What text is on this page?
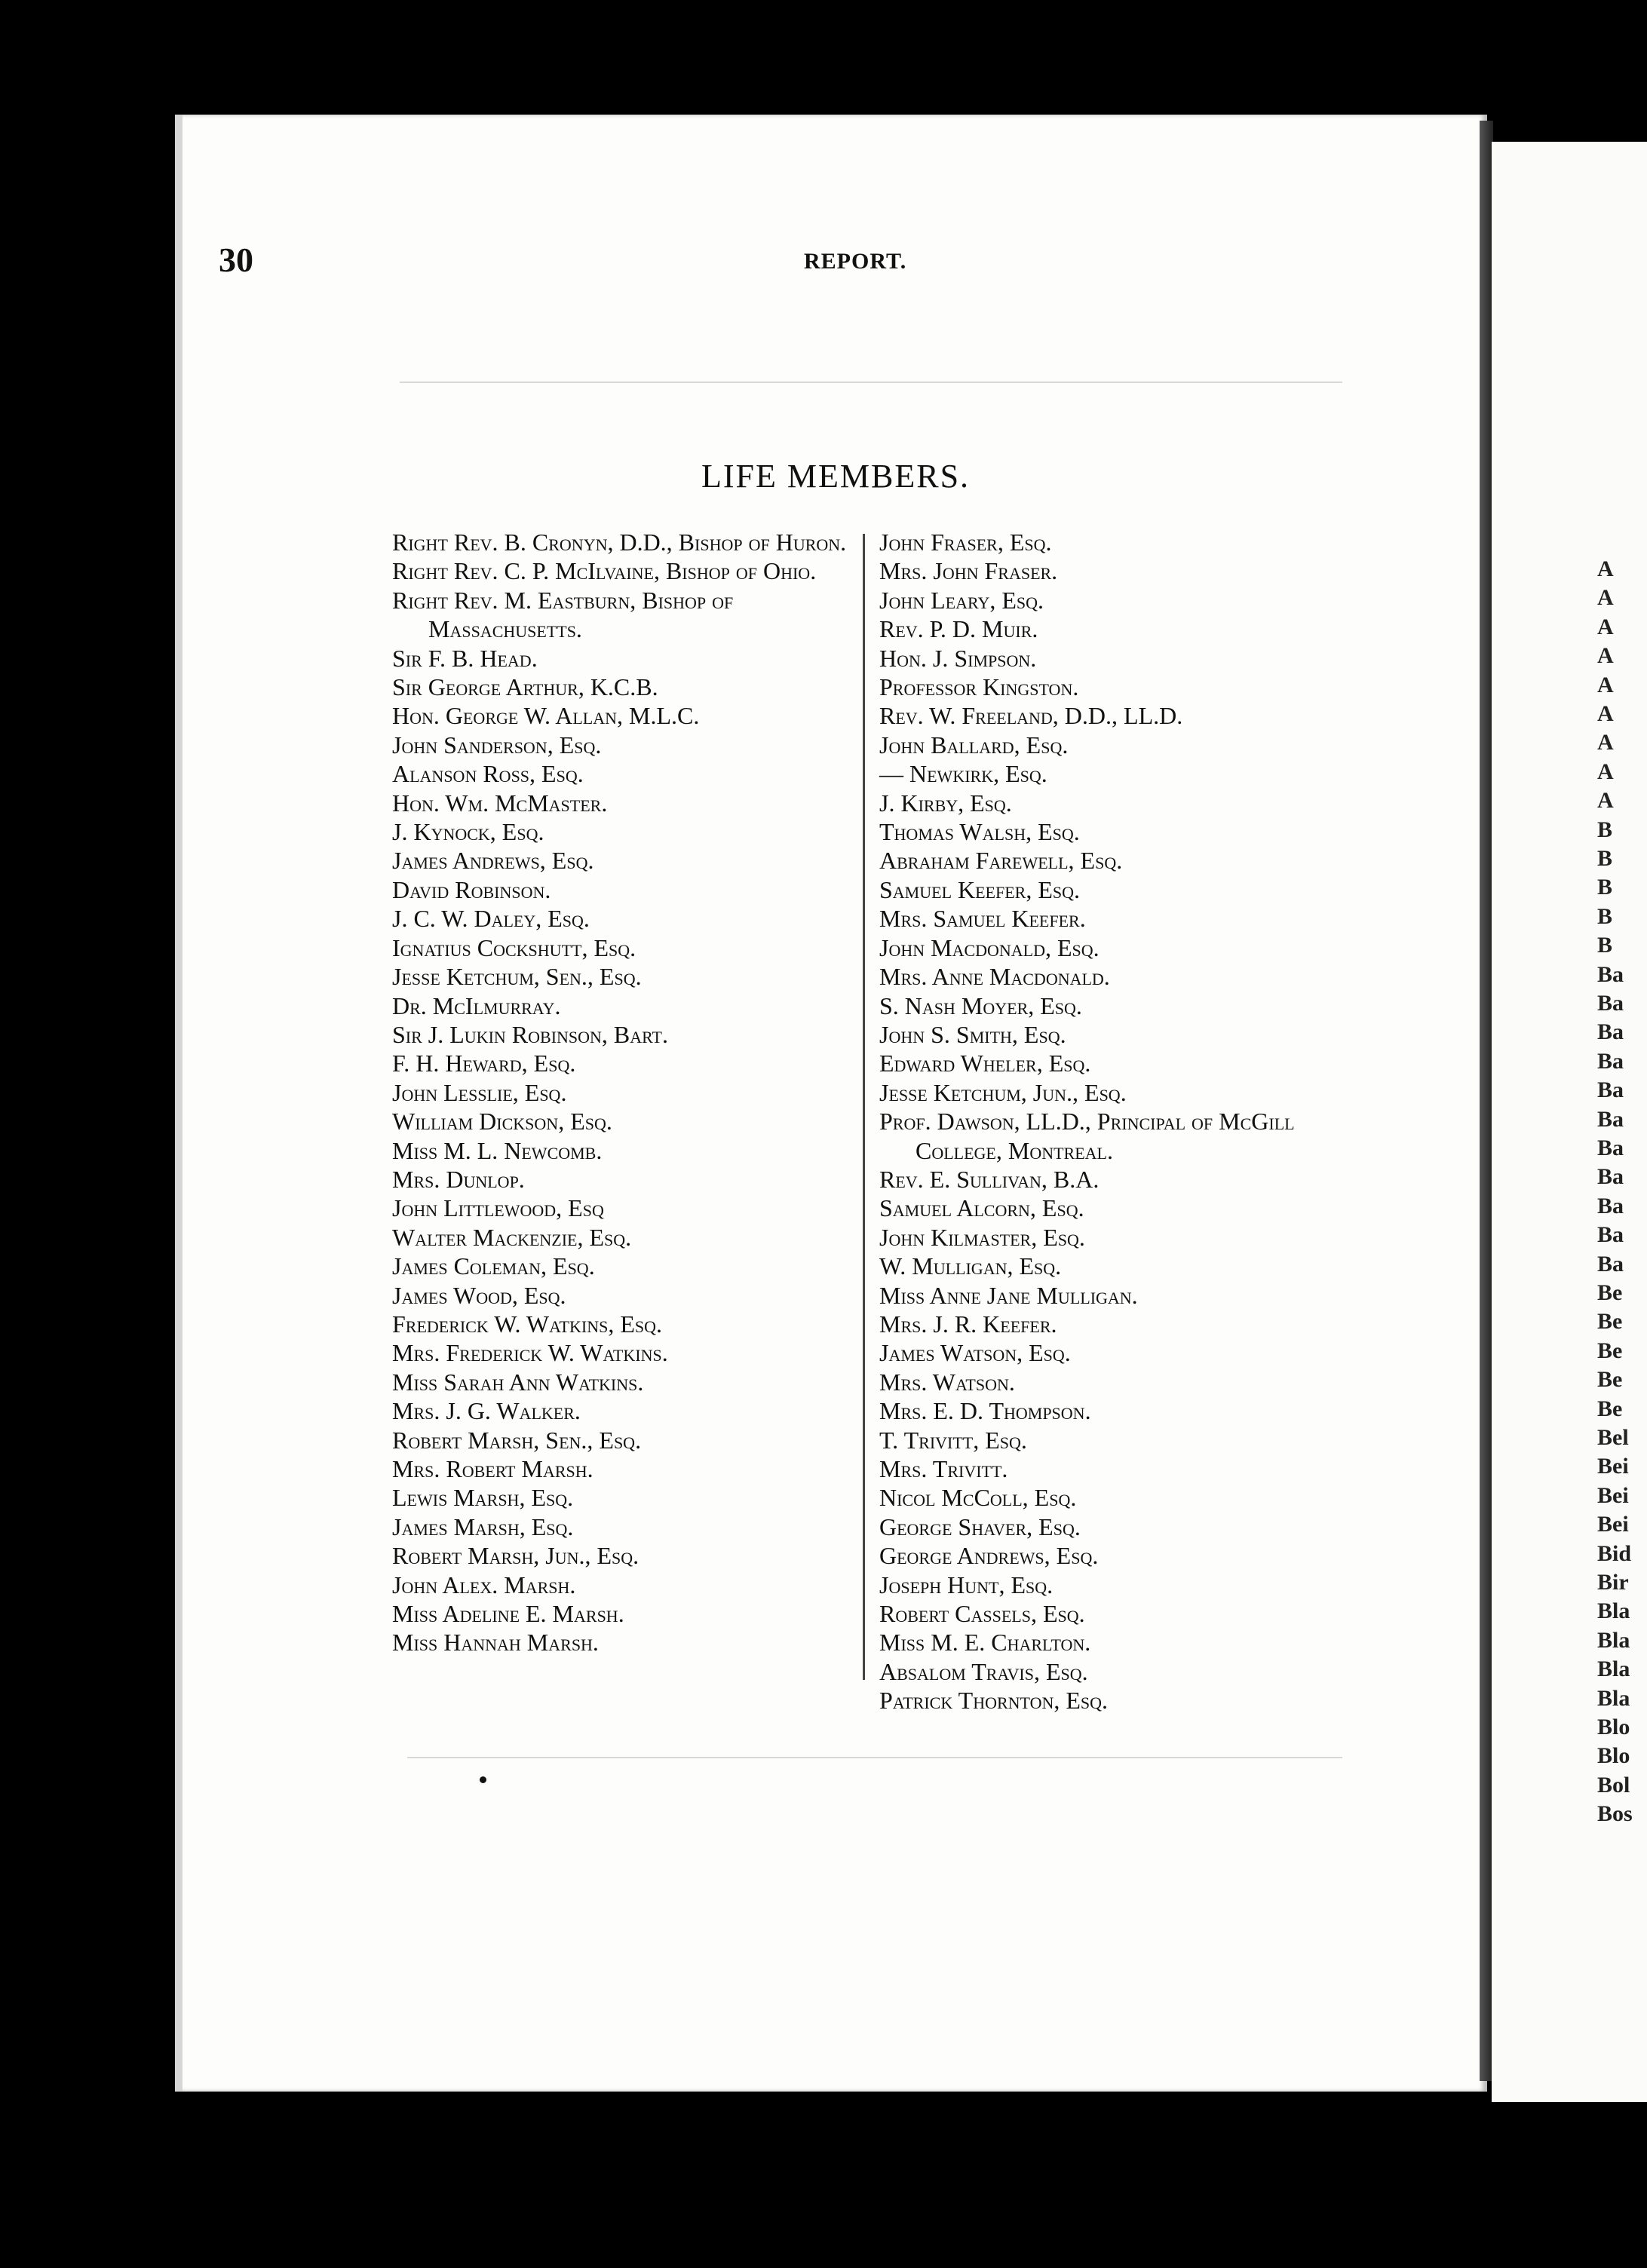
A
A
A
A
A
A
A
A
A
B
B
B
B
B
Ba
Ba
Ba
Ba
Ba
Ba
Ba
Ba
Ba
Ba
Ba
Be
Be
Be
Be
Be
Bel
Bei
Bei
Bei
Bid
Bir
Bla
Bla
Bla
Bla
Blo
Blo
Bol
Bos
30	REPORT.
LIFE MEMBERS.

Right Rev. B. Cronyn, D.D., Bishop of Huron.

Right Rev. C. P. McIlvaine, Bishop of Ohio.

Right Rev. M. Eastburn, Bishop of Massachusetts.

Sir F. B. Head.

Sir George Arthur, K.C.B.

Hon. George W. Allan, M.L.C.

John Sanderson, Esq.

Alanson Ross, Esq.

Hon. Wm. McMaster.

J. Kynock, Esq.

James Andrews, Esq.

David Robinson.

J. C. W. Daley, Esq.

Ignatius Cockshutt, Esq.

Jesse Ketchum, Sen., Esq.

Dr. McIlmurray.

Sir J. Lukin Robinson, Bart.

F. H. Heward, Esq.

John Lesslie, Esq.

William Dickson, Esq.

Miss M. L. Newcomb.

Mrs. Dunlop.

John Littlewood, Esq

Walter Mackenzie, Esq.

James Coleman, Esq.

James Wood, Esq.

Frederick W. Watkins, Esq.

Mrs. Frederick W. Watkins.

Miss Sarah Ann Watkins.

Mrs. J. G. Walker.

Robert Marsh, Sen., Esq.

Mrs. Robert Marsh.

Lewis Marsh, Esq.

James Marsh, Esq.

Robert Marsh, Jun., Esq.

John Alex. Marsh.

Miss Adeline E. Marsh.

Miss Hannah Marsh.

John Fraser, Esq.

Mrs. John Fraser.

John Leary, Esq.

Rev. P. D. Muir.

Hon. J. Simpson.

Professor Kingston.

Rev. W. Freeland, D.D., LL.D.

John Ballard, Esq.

— Newkirk, Esq.

J. Kirby, Esq.

Thomas Walsh, Esq.

Abraham Farewell, Esq.

Samuel Keefer, Esq.

Mrs. Samuel Keefer.

John Macdonald, Esq.

Mrs. Anne Macdonald.

S. Nash Moyer, Esq.

John S. Smith, Esq.

Edward Wheler, Esq.

Jesse Ketchum, Jun., Esq.

Prof. Dawson, LL.D., Principal of McGill College, Montreal.

Rev. E. Sullivan, B.A.

Samuel Alcorn, Esq.

John Kilmaster, Esq.

W. Mulligan, Esq.

Miss Anne Jane Mulligan.

Mrs. J. R. Keefer.

James Watson, Esq.

Mrs. Watson.

Mrs. E. D. Thompson.

T. Trivitt, Esq.

Mrs. Trivitt.

Nicol McColl, Esq.

George Shaver, Esq.

George Andrews, Esq.

Joseph Hunt, Esq.

Robert Cassels, Esq.

Miss M. E. Charlton.

Absalom Travis, Esq.

Patrick Thornton, Esq.
